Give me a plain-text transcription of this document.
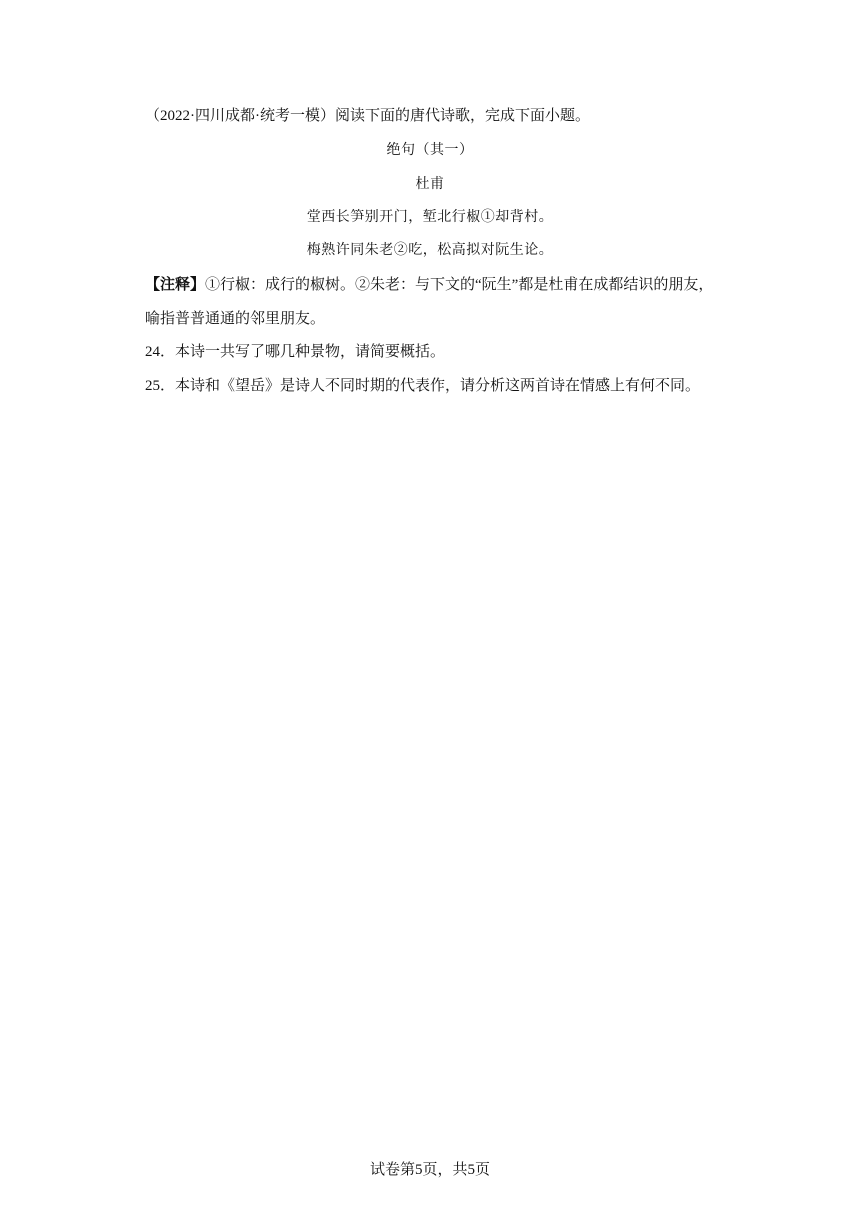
（2022·四川成都·统考一模）阅读下面的唐代诗歌，完成下面小题。
绝句（其一）
杜甫
堂西长笋别开门，堑北行椒①却背村。
梅熟许同朱老②吃，松高拟对阮生论。
【注释】①行椒：成行的椒树。②朱老：与下文的“阮生”都是杜甫在成都结识的朋友，
喻指普普通通的邻里朋友。
24．本诗一共写了哪几种景物，请简要概括。
25．本诗和《望岳》是诗人不同时期的代表作，请分析这两首诗在情感上有何不同。
试卷第5页，共5页
